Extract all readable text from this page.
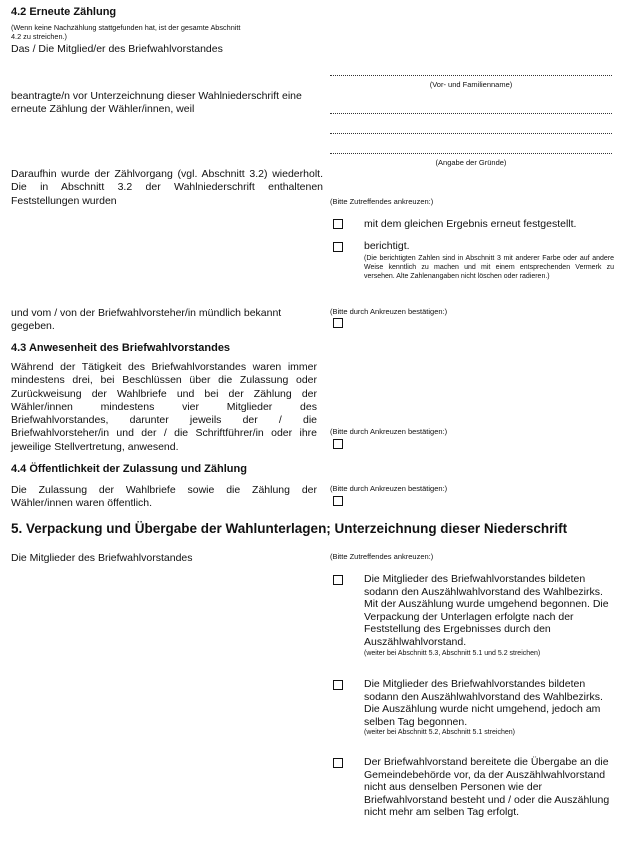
4.2 Erneute Zählung
(Wenn keine Nachzählung stattgefunden hat, ist der gesamte Abschnitt 4.2 zu streichen.)
Das / Die Mitglied/er des Briefwahlvorstandes
(Vor- und Familienname)
beantragte/n vor Unterzeichnung dieser Wahlniederschrift eine erneute Zählung der Wähler/innen, weil
(Angabe der Gründe)
Daraufhin wurde der Zählvorgang (vgl. Abschnitt 3.2) wiederholt. Die in Abschnitt 3.2 der Wahlniederschrift enthaltenen Feststellungen wurden	(Bitte Zutreffendes ankreuzen:)
mit dem gleichen Ergebnis erneut festgestellt.
berichtigt.
(Die berichtigten Zahlen sind in Abschnitt 3 mit anderer Farbe oder auf andere Weise kenntlich zu machen und mit einem entsprechenden Vermerk zu versehen. Alte Zahlenangaben nicht löschen oder radieren.)
und vom / von der Briefwahlvorsteher/in mündlich bekannt gegeben.
(Bitte durch Ankreuzen bestätigen:)
4.3 Anwesenheit des Briefwahlvorstandes
Während der Tätigkeit des Briefwahlvorstandes waren immer mindestens drei, bei Beschlüssen über die Zulassung oder Zurückweisung der Wahlbriefe und bei der Zählung der Wähler/innen mindestens vier Mitglieder des Briefwahlvorstandes, darunter jeweils der / die Briefwahlvorsteher/in und der / die Schriftführer/in oder ihre jeweilige Stellvertretung, anwesend.
(Bitte durch Ankreuzen bestätigen:)
4.4 Öffentlichkeit der Zulassung und Zählung
Die Zulassung der Wahlbriefe sowie die Zählung der Wähler/innen waren öffentlich.
(Bitte durch Ankreuzen bestätigen:)
5. Verpackung und Übergabe der Wahlunterlagen; Unterzeichnung dieser Niederschrift
Die Mitglieder des Briefwahlvorstandes	(Bitte Zutreffendes ankreuzen:)
Die Mitglieder des Briefwahlvorstandes bildeten sodann den Auszählwahlvorstand des Wahlbezirks.
Mit der Auszählung wurde umgehend begonnen. Die Verpackung der Unterlagen erfolgte nach der Feststellung des Ergebnisses durch den Auszählwahlvorstand.
(weiter bei Abschnitt 5.3, Abschnitt 5.1 und 5.2 streichen)
Die Mitglieder des Briefwahlvorstandes bildeten sodann den Auszählwahlvorstand des Wahlbezirks.
Die Auszählung wurde nicht umgehend, jedoch am selben Tag begonnen.
(weiter bei Abschnitt 5.2, Abschnitt 5.1 streichen)
Der Briefwahlvorstand bereitete die Übergabe an die Gemeindebehörde vor, da der Auszählwahlvorstand nicht aus denselben Personen wie der Briefwahlvorstand besteht und / oder die Auszählung nicht mehr am selben Tag erfolgt.
